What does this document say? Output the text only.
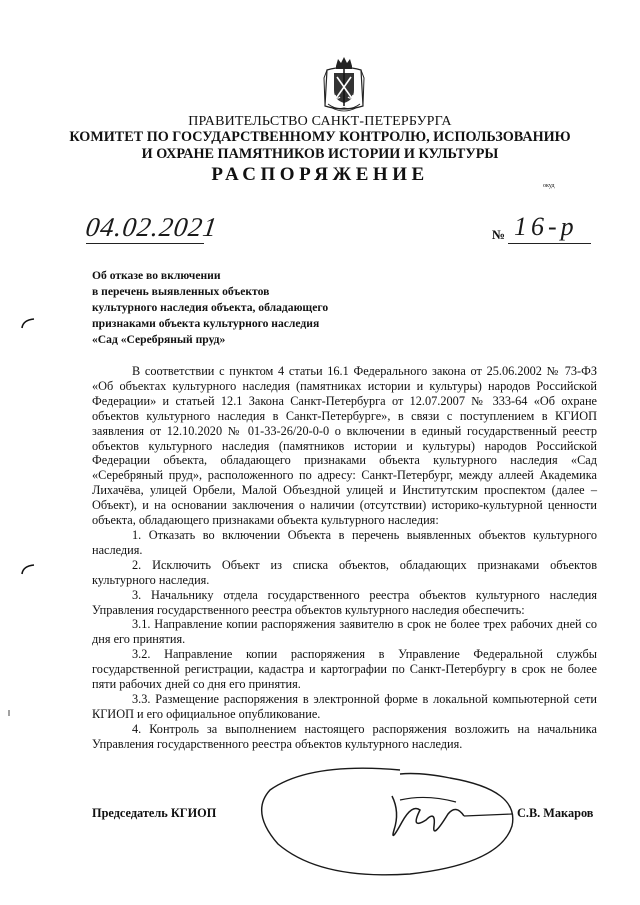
ПРАВИТЕЛЬСТВО САНКТ-ПЕТЕРБУРГА
КОМИТЕТ ПО ГОСУДАРСТВЕННОМУ КОНТРОЛЮ, ИСПОЛЬЗОВАНИЮ
И ОХРАНЕ ПАМЯТНИКОВ ИСТОРИИ И КУЛЬТУРЫ
РАСПОРЯЖЕНИЕ
окуд
04.02.2021	№ 16-р
Об отказе во включении
в перечень выявленных объектов
культурного наследия объекта, обладающего
признаками объекта культурного наследия
«Сад «Серебряный пруд»

В соответствии с пунктом 4 статьи 16.1 Федерального закона от 25.06.2002 № 73-ФЗ «Об объектах культурного наследия (памятниках истории и культуры) народов Российской Федерации» и статьей 12.1 Закона Санкт-Петербурга от 12.07.2007 № 333-64 «Об охране объектов культурного наследия в Санкт-Петербурге», в связи с поступлением в КГИОП заявления от 12.10.2020 № 01-33-26/20-0-0 о включении в единый государственный реестр объектов культурного наследия (памятников истории и культуры) народов Российской Федерации объекта, обладающего признаками объекта культурного наследия «Сад «Серебряный пруд», расположенного по адресу: Санкт-Петербург, между аллеей Академика Лихачёва, улицей Орбели, Малой Объездной улицей и Институтским проспектом (далее – Объект), и на основании заключения о наличии (отсутствии) историко-культурной ценности объекта, обладающего признаками объекта культурного наследия:

1. Отказать во включении Объекта в перечень выявленных объектов культурного наследия.

2. Исключить Объект из списка объектов, обладающих признаками объектов культурного наследия.

3. Начальнику отдела государственного реестра объектов культурного наследия Управления государственного реестра объектов культурного наследия обеспечить:

3.1. Направление копии распоряжения заявителю в срок не более трех рабочих дней со дня его принятия.

3.2. Направление копии распоряжения в Управление Федеральной службы государственной регистрации, кадастра и картографии по Санкт-Петербургу в срок не более пяти рабочих дней со дня его принятия.

3.3. Размещение распоряжения в электронной форме в локальной компьютерной сети КГИОП и его официальное опубликование.

4. Контроль за выполнением настоящего распоряжения возложить на начальника Управления государственного реестра объектов культурного наследия.

Председатель КГИОП	С.В. Макаров
